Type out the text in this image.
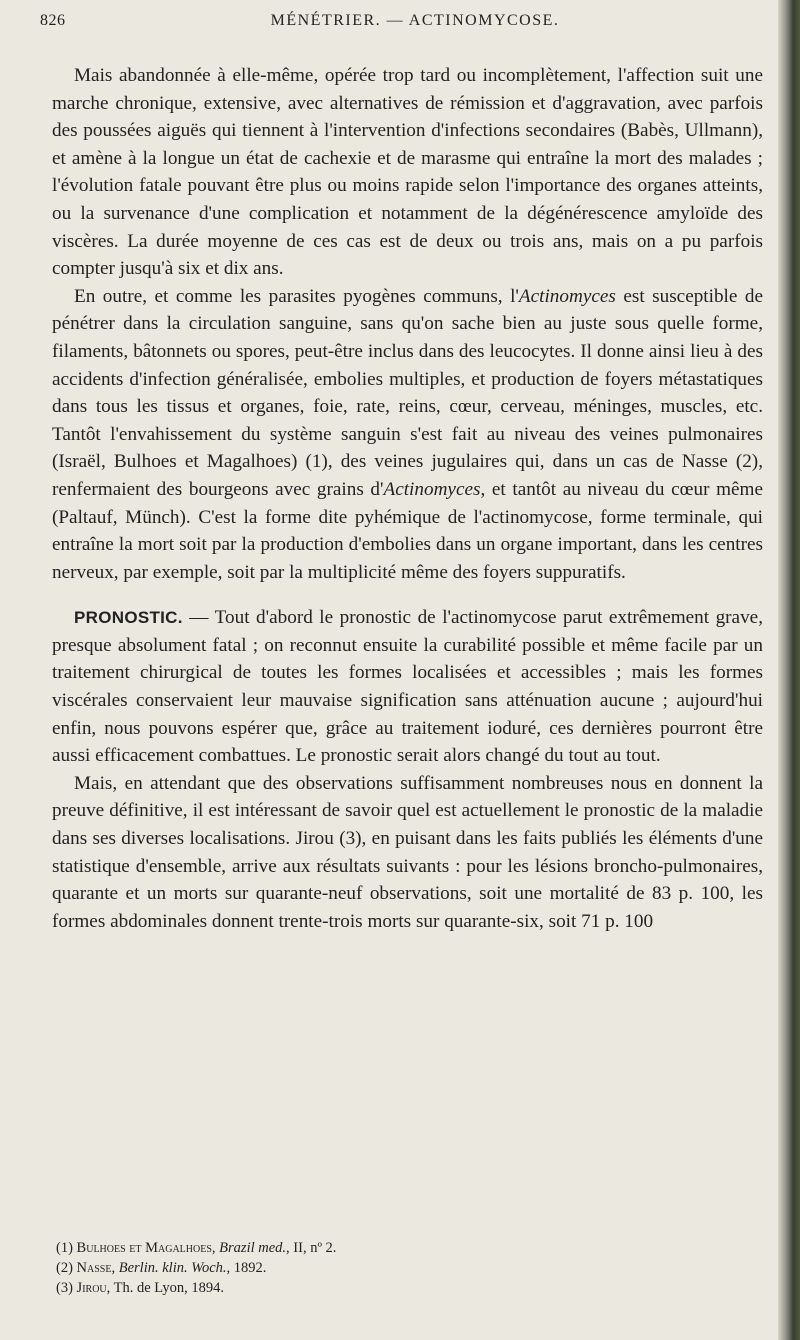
826	MÉNÉTRIER. — ACTINOMYCOSE.

Mais abandonnée à elle-même, opérée trop tard ou incomplètement, l'affection suit une marche chronique, extensive, avec alternatives de rémission et d'aggravation, avec parfois des poussées aiguës qui tiennent à l'intervention d'infections secondaires (Babès, Ullmann), et amène à la longue un état de cachexie et de marasme qui entraîne la mort des malades ; l'évolution fatale pouvant être plus ou moins rapide selon l'importance des organes atteints, ou la survenance d'une complication et notamment de la dégénérescence amyloïde des viscères. La durée moyenne de ces cas est de deux ou trois ans, mais on a pu parfois compter jusqu'à six et dix ans.

En outre, et comme les parasites pyogènes communs, l'Actinomyces est susceptible de pénétrer dans la circulation sanguine, sans qu'on sache bien au juste sous quelle forme, filaments, bâtonnets ou spores, peut-être inclus dans des leucocytes. Il donne ainsi lieu à des accidents d'infection généralisée, embolies multiples, et production de foyers métastatiques dans tous les tissus et organes, foie, rate, reins, cœur, cerveau, méninges, muscles, etc. Tantôt l'envahissement du système sanguin s'est fait au niveau des veines pulmonaires (Israël, Bulhoes et Magalhoes) (1), des veines jugulaires qui, dans un cas de Nasse (2), renfermaient des bourgeons avec grains d'Actinomyces, et tantôt au niveau du cœur même (Paltauf, Münch). C'est la forme dite pyhémique de l'actinomycose, forme terminale, qui entraîne la mort soit par la production d'embolies dans un organe important, dans les centres nerveux, par exemple, soit par la multiplicité même des foyers suppuratifs.

PRONOSTIC. — Tout d'abord le pronostic de l'actinomycose parut extrêmement grave, presque absolument fatal ; on reconnut ensuite la curabilité possible et même facile par un traitement chirurgical de toutes les formes localisées et accessibles ; mais les formes viscérales conservaient leur mauvaise signification sans atténuation aucune ; aujourd'hui enfin, nous pouvons espérer que, grâce au traitement ioduré, ces dernières pourront être aussi efficacement combattues. Le pronostic serait alors changé du tout au tout.

Mais, en attendant que des observations suffisamment nombreuses nous en donnent la preuve définitive, il est intéressant de savoir quel est actuellement le pronostic de la maladie dans ses diverses localisations. Jirou (3), en puisant dans les faits publiés les éléments d'une statistique d'ensemble, arrive aux résultats suivants : pour les lésions broncho-pulmonaires, quarante et un morts sur quarante-neuf observations, soit une mortalité de 83 p. 100, les formes abdominales donnent trente-trois morts sur quarante-six, soit 71 p. 100

(1) Bulhoes et Magalhoes, Brazil med., II, nº 2.
(2) Nasse, Berlin. klin. Woch., 1892.
(3) Jirou, Th. de Lyon, 1894.
